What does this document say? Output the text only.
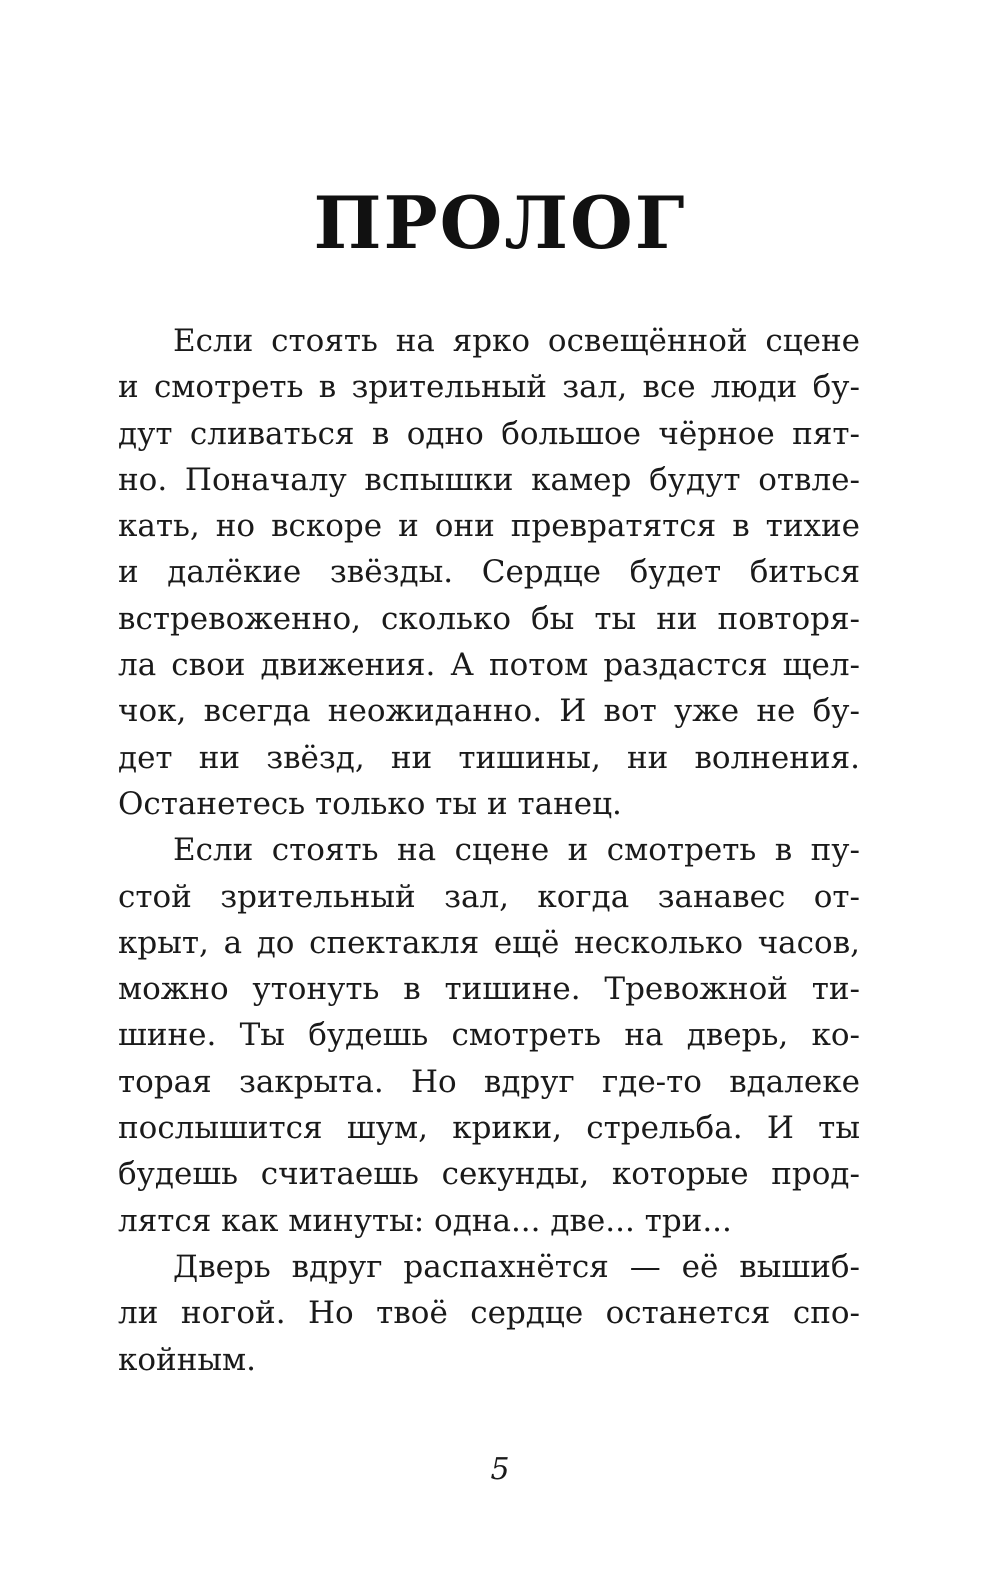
ПРОЛОГ
Если стоять на ярко освещённой сцене
и смотреть в зрительный зал, все люди бу-
дут сливаться в одно большое чёрное пят-
но. Поначалу вспышки камер будут отвле-
кать, но вскоре и они превратятся в тихие
и далёкие звёзды. Сердце будет биться
встревоженно, сколько бы ты ни повторя-
ла свои движения. А потом раздастся щел-
чок, всегда неожиданно. И вот уже не бу-
дет ни звёзд, ни тишины, ни волнения.
Останетесь только ты и танец.
Если стоять на сцене и смотреть в пу-
стой зрительный зал, когда занавес от-
крыт, а до спектакля ещё несколько часов,
можно утонуть в тишине. Тревожной ти-
шине. Ты будешь смотреть на дверь, ко-
торая закрыта. Но вдруг где-то вдалеке
послышится шум, крики, стрельба. И ты
будешь считаешь секунды, которые прод-
лятся как минуты: одна... две... три...
Дверь вдруг распахнётся — её вышиб-
ли ногой. Но твоё сердце останется спо-
койным.
5
